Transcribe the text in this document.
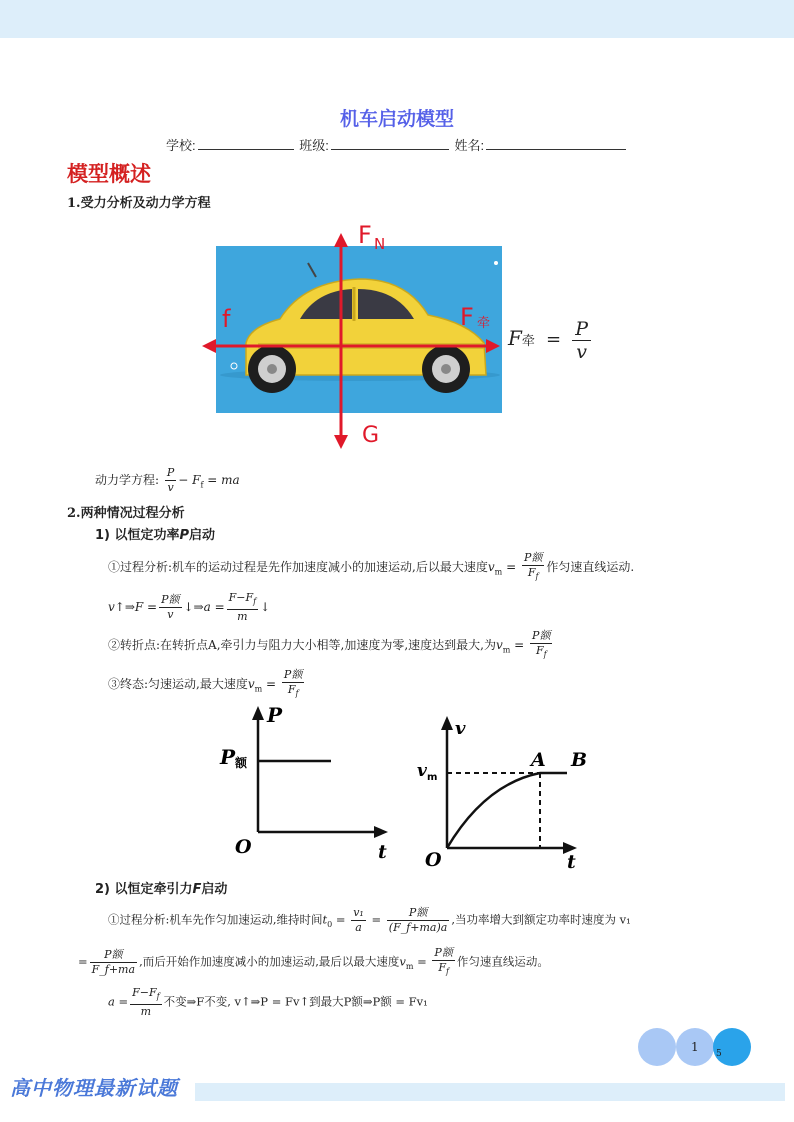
机车启动模型
学校:	班级:	姓名:
模型概述
1.受力分析及动力学方程
F N
f	F 牵
G
F牵 = $\frac{P}{v}$
动力学方程: $\frac{P}{v} - F_f$ = ma
2.两种情况过程分析
1) 以恒定功率P启动
①过程分析:机车的运动过程是先作加速度减小的加速运动,后以最大速度$v_m = \frac{\text{P额}}{F_f}$ 作匀速直线运动.
v↑⇒F = $\frac{\text{P额}}{v}$ ↓⇒a = $\frac{F-F_f}{m}$ ↓
②转折点:在转折点A,牵引力与阻力大小相等,加速度为零,速度达到最大,为$v_m = \frac{\text{P额}}{F_f}$
③终态:匀速运动,最大速度$v_m = \frac{\text{P额}}{F_f}$
P
P 额
O	t
v
v m
A B
O	t
2) 以恒定牵引力F启动
①过程分析:机车先作匀加速运动,维持时间$t_0 = \frac{\text{v₁}}{a} = \frac{\text{P额}}{(F\_f+ma)a}$ ,当功率增大到额定功率时速度为 v₁
= $\frac{\text{P额}}{F\_f+ma}$ ,而后开始作加速度减小的加速运动,最后以最大速度$v_m = \frac{\text{P额}}{F_f}$ 作匀速直线运动。
$a = \frac{F-F_f}{m}$ 不变⇒F不变, v↑⇒P = Fv↑到最大P额⇒P额 = Fv₁
1 5
高中物理最新试题
